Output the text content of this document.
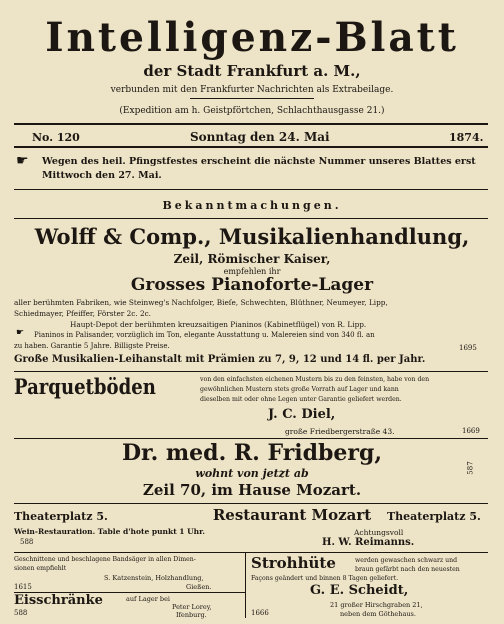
Intelligenz-Blatt
der Stadt Frankfurt a. M.,
verbunden mit den Frankfurter Nachrichten als Extrabeilage.
(Expedition am h. Geistpförtchen, Schlachthausgasse 21.)
No. 120	Sonntag den 24. Mai	1874.
☛ Wegen des heil. Pfingstfestes erscheint die nächste Nummer unseres Blattes erst
Mittwoch den 27. Mai.
Bekanntmachungen.
Wolff & Comp., Musikalienhandlung,
Zeil, Römischer Kaiser,
empfehlen ihr
Grosses Pianoforte-Lager
aller berühmten Fabriken, wie Steinweg's Nachfolger, Bieſe, Schwechten, Blüthner, Neumeyer, Lipp,
Schiedmayer, Pfeiffer, Förster 2c. 2c.
Haupt-Depot der berühmten kreuzsaitigen Pianinos (Kabinetflügel) von R. Lipp.
☛ Pianinos in Palisander, vorzüglich im Ton, elegante Ausstattung u. Malereien sind von 340 fl. an
zu haben. Garantie 5 Jahre. Billigste Preise.	1695
Große Musikalien-Leihanstalt mit Prämien zu 7, 9, 12 und 14 fl. per Jahr.
Parquetböden	von den einfachsten eichenen Mustern bis zu den feinsten, habe von den
gewöhnlichen Mustern stets große Vorrath auf Lager und kann
dieselben mit oder ohne Legen unter Garantie geliefert werden.
J. C. Diel,
große Friedbergerstraße 43.	1669
Dr. med. R. Fridberg,
wohnt von jetzt ab
Zeil 70, im Hause Mozart.
587
Theaterplatz 5.	Restaurant Mozart	Theaterplatz 5.
Wein-Restauration. Table d'hote punkt 1 Uhr.	Achtungsvoll
H. W. Reimanns.
588
Geschnittene und beschlagene Bandsäger in allen Dimen-
sionen empfiehlt
S. Katzenstein, Holzhandlung,
Gießen.
1615
Eisschränke	auf Lager bei
Peter Lorey,
Ifenburg.
588
Strohhüte	werden gewaschen schwarz und
braun gefärbt nach den neuesten
Façons geändert und binnen 8 Tagen geliefert.
G. E. Scheidt,
21 großer Hirschgraben 21,
neben dem Göthehaus.
1666
